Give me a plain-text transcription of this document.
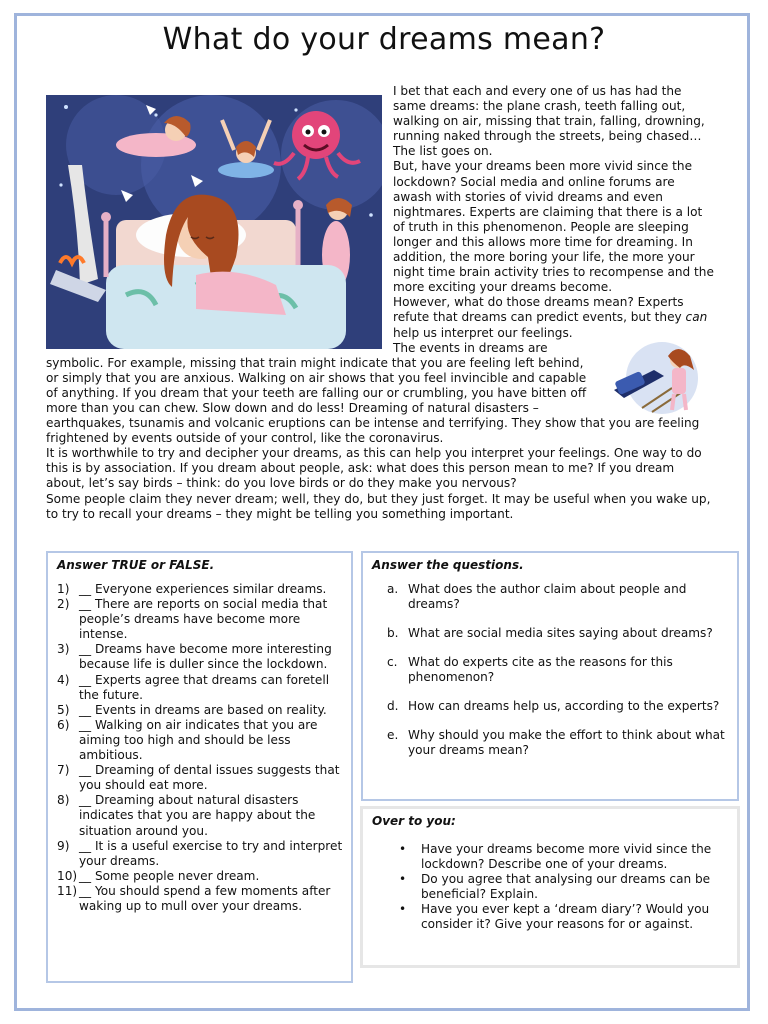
What do your dreams mean?

I bet that each and every one of us has had the same dreams: the plane crash, teeth falling out, walking on air, missing that train, falling, drowning, running naked through the streets, being chased…The list goes on.

But, have your dreams been more vivid since the lockdown? Social media and online forums are awash with stories of vivid dreams and even nightmares. Experts are claiming that there is a lot of truth in this phenomenon. People are sleeping longer and this allows more time for dreaming. In addition, the more boring your life, the more your night time brain activity tries to recompense and the more exciting your dreams become.

However, what do those dreams mean? Experts refute that dreams can predict events, but they
can help us interpret our feelings. The events in dreams are symbolic. For example, missing that train might indicate that you are feeling left behind, or simply that you are anxious. Walking on air shows that you feel invincible and capable of anything. If you dream that your teeth are falling our or crumbling, you have bitten off more than you can chew. Slow down and do less! Dreaming of natural disasters – earthquakes, tsunamis and volcanic eruptions can be intense and terrifying. They show that you are feeling frightened by events outside of your control, like the coronavirus.

It is worthwhile to try and decipher your dreams, as this can help you interpret your feelings. One way to do this is by association. If you dream about people, ask: what does this person mean to me? If you dream about, let’s say birds – think: do you love birds or do they make you nervous?

Some people claim they never dream; well, they do, but they just forget. It may be useful when you wake up, to try to recall your dreams – they might be telling you something important.

Answer TRUE or FALSE.
1) __ Everyone experiences similar dreams.
2) __ There are reports on social media that people’s dreams have become more intense.
3) __ Dreams have become more interesting because life is duller since the lockdown.
4) __ Experts agree that dreams can foretell the future.
5) __ Events in dreams are based on reality.
6) __ Walking on air indicates that you are aiming too high and should be less ambitious.
7) __ Dreaming of dental issues suggests that you should eat more.
8) __ Dreaming about natural disasters indicates that you are happy about the situation around you.
9) __ It is a useful exercise to try and interpret your dreams.
10) __ Some people never dream.
11) __ You should spend a few moments after waking up to mull over your dreams.
Answer the questions.
a. What does the author claim about people and dreams?
b. What are social media sites saying about dreams?
c. What do experts cite as the reasons for this phenomenon?
d. How can dreams help us, according to the experts?
e. Why should you make the effort to think about what your dreams mean?
Over to you:
• Have your dreams become more vivid since the lockdown? Describe one of your dreams.
• Do you agree that analysing our dreams can be beneficial? Explain.
• Have you ever kept a ‘dream diary’? Would you consider it? Give your reasons for or against.
